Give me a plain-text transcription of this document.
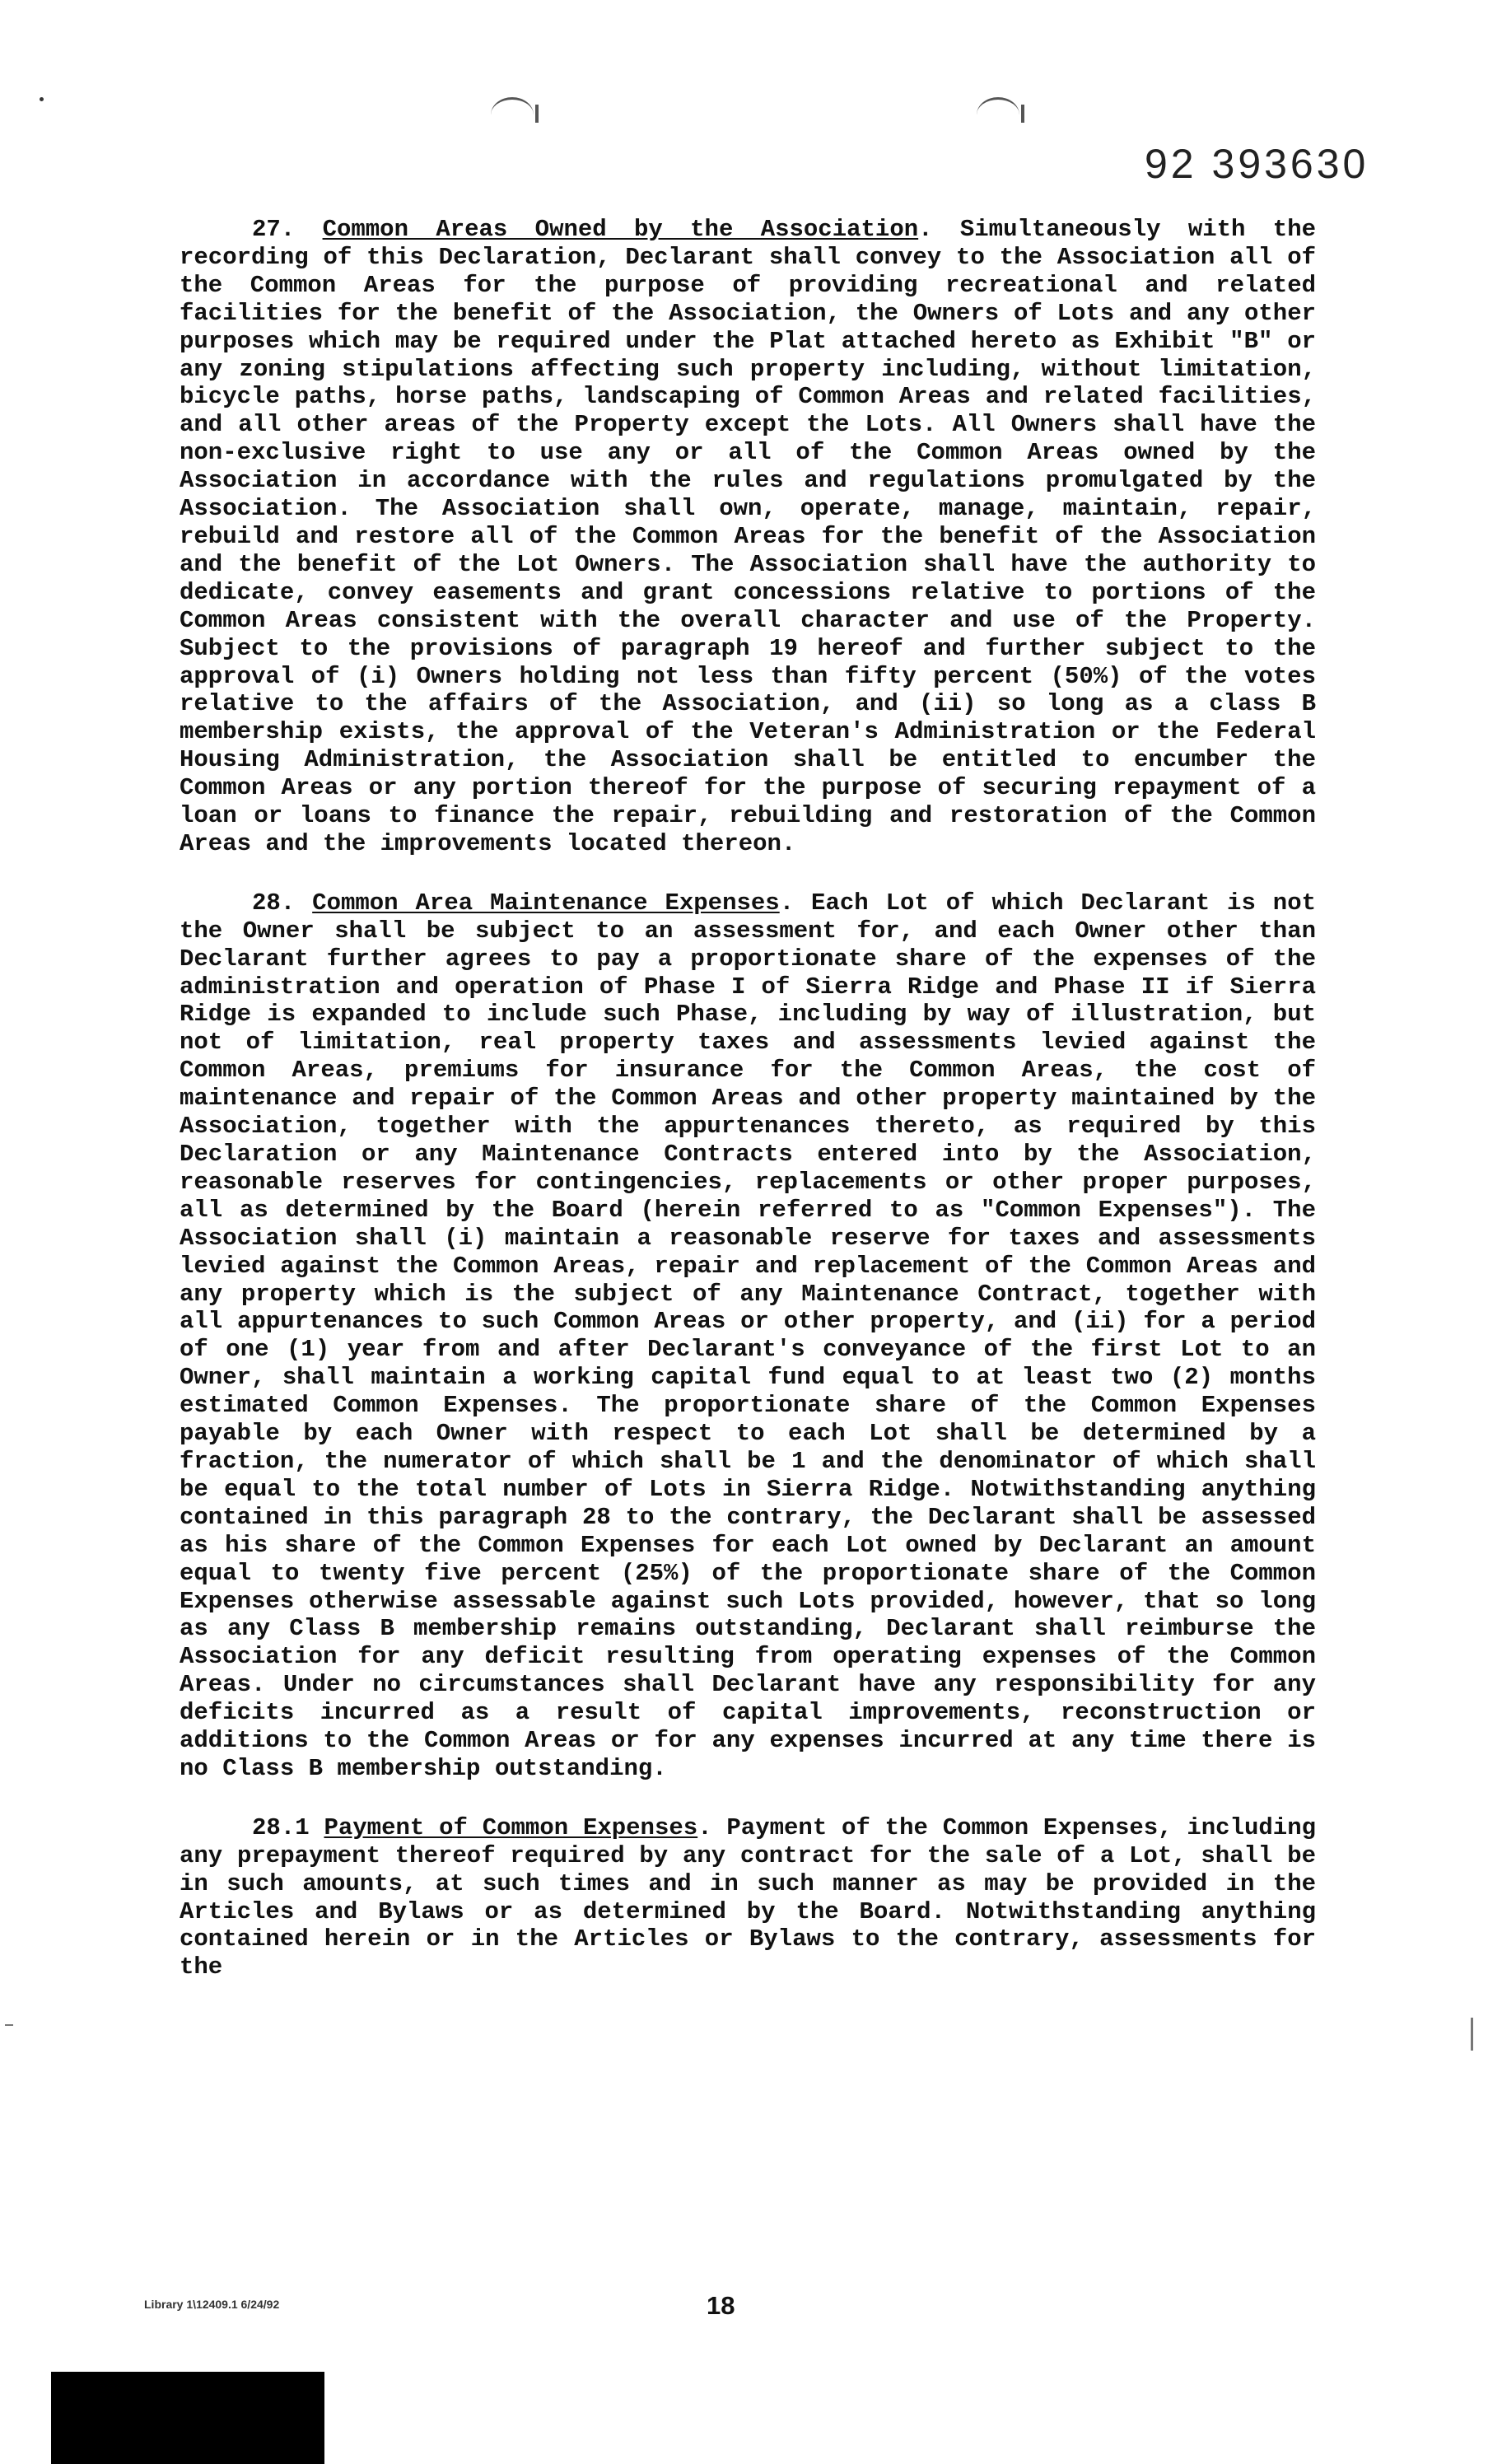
92 393630

27. Common Areas Owned by the Association. Simultaneously with the recording of this Declaration, Declarant shall convey to the Association all of the Common Areas for the purpose of providing recreational and related facilities for the benefit of the Association, the Owners of Lots and any other purposes which may be required under the Plat attached hereto as Exhibit "B" or any zoning stipulations affecting such property including, without limitation, bicycle paths, horse paths, landscaping of Common Areas and related facilities, and all other areas of the Property except the Lots. All Owners shall have the non-exclusive right to use any or all of the Common Areas owned by the Association in accordance with the rules and regulations promulgated by the Association. The Association shall own, operate, manage, maintain, repair, rebuild and restore all of the Common Areas for the benefit of the Association and the benefit of the Lot Owners. The Association shall have the authority to dedicate, convey easements and grant concessions relative to portions of the Common Areas consistent with the overall character and use of the Property. Subject to the provisions of paragraph 19 hereof and further subject to the approval of (i) Owners holding not less than fifty percent (50%) of the votes relative to the affairs of the Association, and (ii) so long as a class B membership exists, the approval of the Veteran's Administration or the Federal Housing Administration, the Association shall be entitled to encumber the Common Areas or any portion thereof for the purpose of securing repayment of a loan or loans to finance the repair, rebuilding and restoration of the Common Areas and the improvements located thereon.

28. Common Area Maintenance Expenses. Each Lot of which Declarant is not the Owner shall be subject to an assessment for, and each Owner other than Declarant further agrees to pay a proportionate share of the expenses of the administration and operation of Phase I of Sierra Ridge and Phase II if Sierra Ridge is expanded to include such Phase, including by way of illustration, but not of limitation, real property taxes and assessments levied against the Common Areas, premiums for insurance for the Common Areas, the cost of maintenance and repair of the Common Areas and other property maintained by the Association, together with the appurtenances thereto, as required by this Declaration or any Maintenance Contracts entered into by the Association, reasonable reserves for contingencies, replacements or other proper purposes, all as determined by the Board (herein referred to as "Common Expenses"). The Association shall (i) maintain a reasonable reserve for taxes and assessments levied against the Common Areas, repair and replacement of the Common Areas and any property which is the subject of any Maintenance Contract, together with all appurtenances to such Common Areas or other property, and (ii) for a period of one (1) year from and after Declarant's conveyance of the first Lot to an Owner, shall maintain a working capital fund equal to at least two (2) months estimated Common Expenses. The proportionate share of the Common Expenses payable by each Owner with respect to each Lot shall be determined by a fraction, the numerator of which shall be 1 and the denominator of which shall be equal to the total number of Lots in Sierra Ridge. Notwithstanding anything contained in this paragraph 28 to the contrary, the Declarant shall be assessed as his share of the Common Expenses for each Lot owned by Declarant an amount equal to twenty five percent (25%) of the proportionate share of the Common Expenses otherwise assessable against such Lots provided, however, that so long as any Class B membership remains outstanding, Declarant shall reimburse the Association for any deficit resulting from operating expenses of the Common Areas. Under no circumstances shall Declarant have any responsibility for any deficits incurred as a result of capital improvements, reconstruction or additions to the Common Areas or for any expenses incurred at any time there is no Class B membership outstanding.

28.1 Payment of Common Expenses. Payment of the Common Expenses, including any prepayment thereof required by any contract for the sale of a Lot, shall be in such amounts, at such times and in such manner as may be provided in the Articles and Bylaws or as determined by the Board. Notwithstanding anything contained herein or in the Articles or Bylaws to the contrary, assessments for the

Library 1\12409.1 6/24/92	18
